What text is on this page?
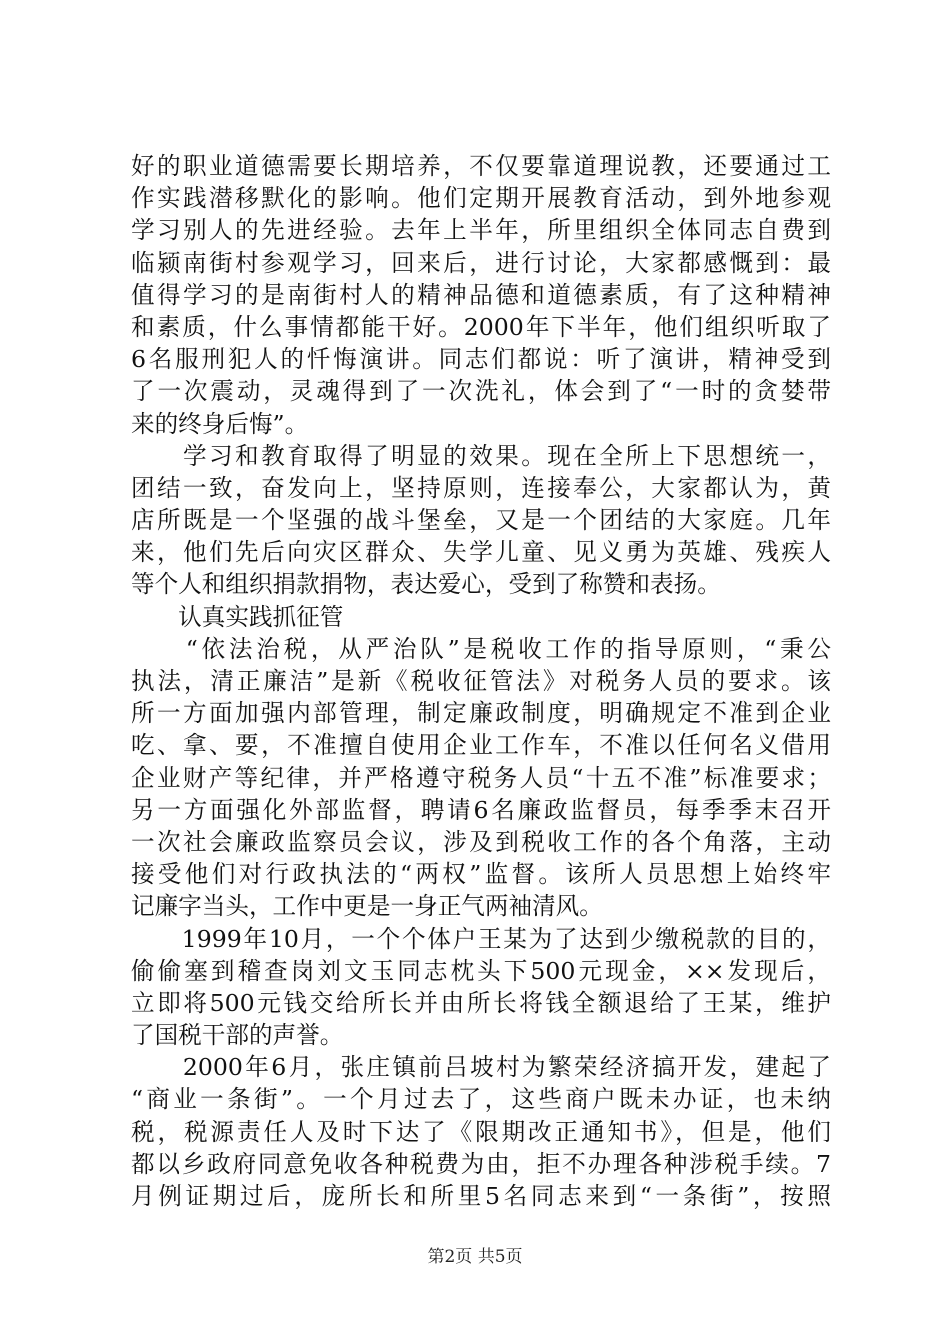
好的职业道德需要长期培养，不仅要靠道理说教，还要通过工
作实践潜移默化的影响。他们定期开展教育活动，到外地参观
学习别人的先进经验。去年上半年，所里组织全体同志自费到
临颍南街村参观学习，回来后，进行讨论，大家都感慨到：最
值得学习的是南街村人的精神品德和道德素质，有了这种精神
和素质，什么事情都能干好。2000年下半年，他们组织听取了
6名服刑犯人的忏悔演讲。同志们都说：听了演讲，精神受到
了一次震动，灵魂得到了一次洗礼，体会到了“一时的贪婪带
来的终身后悔”。
　　学习和教育取得了明显的效果。现在全所上下思想统一，
团结一致，奋发向上，坚持原则，连接奉公，大家都认为，黄
店所既是一个坚强的战斗堡垒，又是一个团结的大家庭。几年
来，他们先后向灾区群众、失学儿童、见义勇为英雄、残疾人
等个人和组织捐款捐物，表达爱心，受到了称赞和表扬。
　　认真实践抓征管
　　“依法治税，从严治队”是税收工作的指导原则，“秉公
执法，清正廉洁”是新《税收征管法》对税务人员的要求。该
所一方面加强内部管理，制定廉政制度，明确规定不准到企业
吃、拿、要，不准擅自使用企业工作车，不准以任何名义借用
企业财产等纪律，并严格遵守税务人员“十五不准”标准要求；
另一方面强化外部监督，聘请6名廉政监督员，每季季末召开
一次社会廉政监察员会议，涉及到税收工作的各个角落，主动
接受他们对行政执法的“两权”监督。该所人员思想上始终牢
记廉字当头，工作中更是一身正气两袖清风。
　　1999年10月，一个个体户王某为了达到少缴税款的目的，
偷偷塞到稽查岗刘文玉同志枕头下500元现金，××发现后，
立即将500元钱交给所长并由所长将钱全额退给了王某，维护
了国税干部的声誉。
　　2000年6月，张庄镇前吕坡村为繁荣经济搞开发，建起了
“商业一条街”。一个月过去了，这些商户既未办证，也未纳
税，税源责任人及时下达了《限期改正通知书》，但是，他们
都以乡政府同意免收各种税费为由，拒不办理各种涉税手续。7
月例证期过后，庞所长和所里5名同志来到“一条街”，按照
第2页 共5页
